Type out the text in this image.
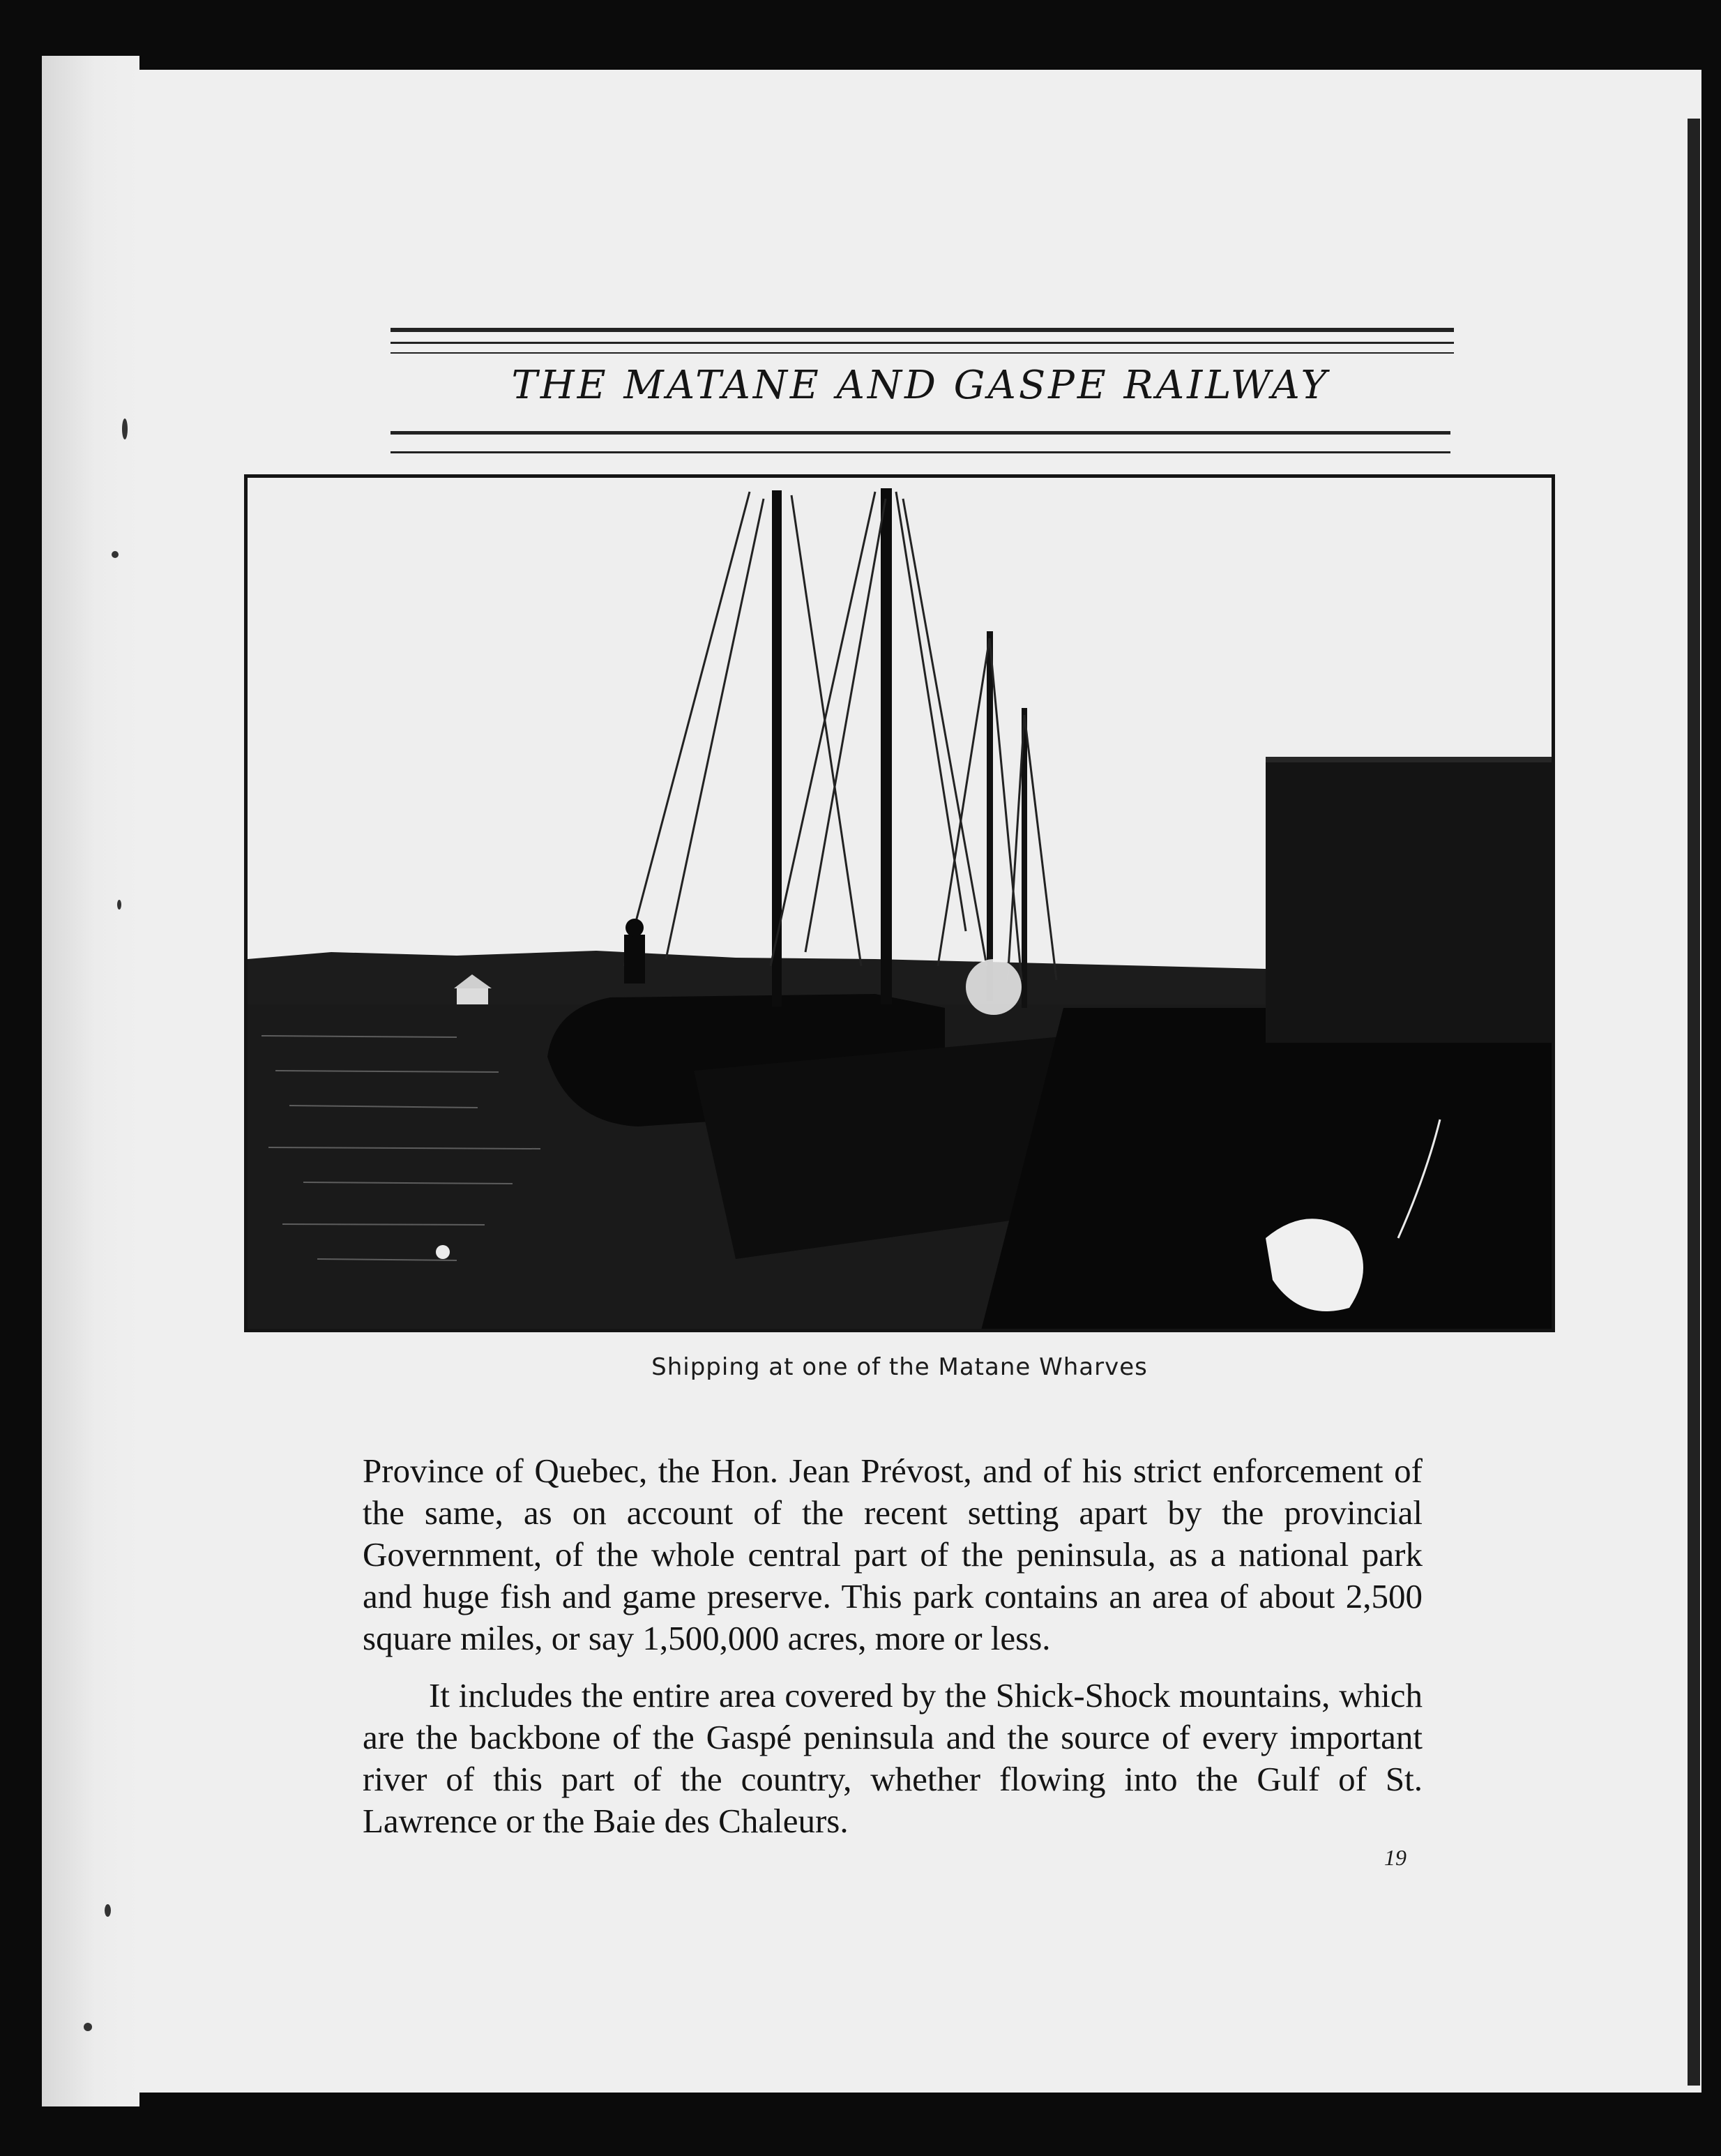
THE MATANE AND GASPE RAILWAY
Shipping at one of the Matane Wharves

Province of Quebec, the Hon. Jean Prévost, and of his strict enforcement of the same, as on account of the recent setting apart by the provincial Government, of the whole central part of the peninsula, as a national park and huge fish and game preserve. This park contains an area of about 2,500 square miles, or say 1,500,000 acres, more or less.

It includes the entire area covered by the Shick-Shock mountains, which are the backbone of the Gaspé peninsula and the source of every important river of this part of the country, whether flowing into the Gulf of St. Lawrence or the Baie des Chaleurs.

19
